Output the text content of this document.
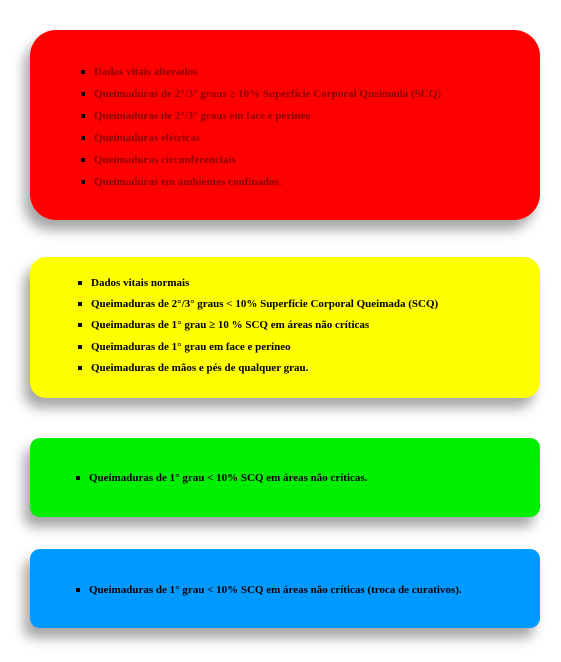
Dados vitais alterados
Queimaduras de 2°/3° graus ≥ 10% Superfície Corporal Queimada (SCQ)
Queimaduras de 2°/3° graus em face e períneo
Queimaduras elétricas
Queimaduras circunferenciais
Queimaduras em ambientes confinados.
Dados vitais normais
Queimaduras de 2°/3° graus < 10% Superfície Corporal Queimada (SCQ)
Queimaduras de 1° grau ≥ 10 % SCQ em áreas não críticas
Queimaduras de 1° grau em face e períneo
Queimaduras de mãos e pés de qualquer grau.
Queimaduras de 1° grau < 10% SCQ em áreas não críticas.
Queimaduras de 1° grau < 10% SCQ em áreas não críticas (troca de curativos).
